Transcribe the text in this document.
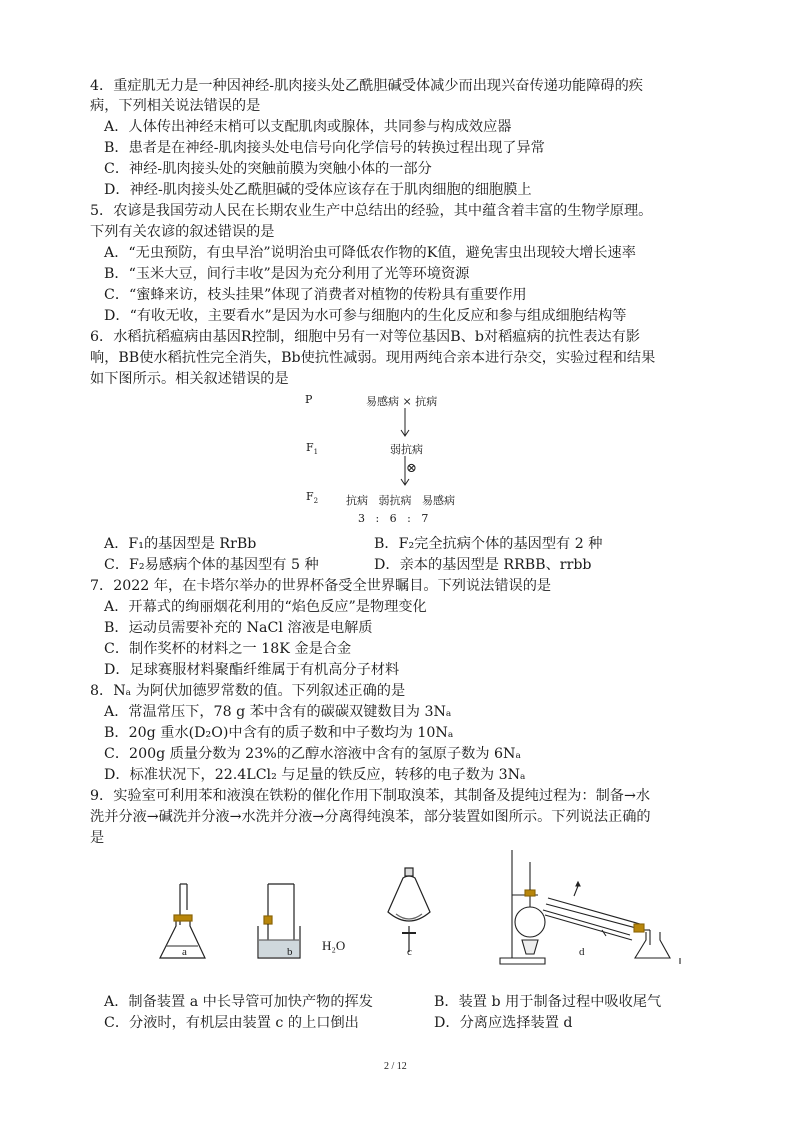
4．重症肌无力是一种因神经-肌肉接头处乙酰胆碱受体减少而出现兴奋传递功能障碍的疾
病，下列相关说法错误的是
A．人体传出神经末梢可以支配肌肉或腺体，共同参与构成效应器
B．患者是在神经-肌肉接头处电信号向化学信号的转换过程出现了异常
C．神经-肌肉接头处的突触前膜为突触小体的一部分
D．神经-肌肉接头处乙酰胆碱的受体应该存在于肌肉细胞的细胞膜上
5．农谚是我国劳动人民在长期农业生产中总结出的经验，其中蕴含着丰富的生物学原理。
下列有关农谚的叙述错误的是
A．“无虫预防，有虫早治”说明治虫可降低农作物的K值，避免害虫出现较大增长速率
B．“玉米大豆，间行丰收”是因为充分利用了光等环境资源
C．“蜜蜂来访，枝头挂果”体现了消费者对植物的传粉具有重要作用
D．“有收无收，主要看水”是因为水可参与细胞内的生化反应和参与组成细胞结构等
6．水稻抗稻瘟病由基因R控制，细胞中另有一对等位基因B、b对稻瘟病的抗性表达有影
响，BB使水稻抗性完全消失，Bb使抗性减弱。现用两纯合亲本进行杂交，实验过程和结果
如下图所示。相关叙述错误的是
P	易感病 × 抗病
$F_1$	弱抗病
⊗
$F_2$	抗病   弱抗病   易感病
3   :   6   :   7
A．F₁的基因型是 RrBb	B．F₂完全抗病个体的基因型有 2 种
C．F₂易感病个体的基因型有 5 种	D．亲本的基因型是 RRBB、rrbb
7．2022 年，在卡塔尔举办的世界杯备受全世界瞩目。下列说法错误的是
A．开幕式的绚丽烟花利用的“焰色反应”是物理变化
B．运动员需要补充的 NaCl 溶液是电解质
C．制作奖杯的材料之一 18K 金是合金
D．足球赛服材料聚酯纤维属于有机高分子材料
8．Nₐ 为阿伏加德罗常数的值。下列叙述正确的是
A．常温常压下，78 g 苯中含有的碳碳双键数目为 3Nₐ
B．20g 重水(D₂O)中含有的质子数和中子数均为 10Nₐ
C．200g 质量分数为 23%的乙醇水溶液中含有的氢原子数为 6Nₐ
D．标准状况下，22.4LCl₂ 与足量的铁反应，转移的电子数为 3Nₐ
9．实验室可利用苯和液溴在铁粉的催化作用下制取溴苯，其制备及提纯过程为：制备→水
洗并分液→碱洗并分液→水洗并分液→分离得纯溴苯，部分装置如图所示。下列说法正确的
是
a	b H₂O	c	d
A．制备装置 a 中长导管可加快产物的挥发	B．装置 b 用于制备过程中吸收尾气
C．分液时，有机层由装置 c 的上口倒出	D．分离应选择装置 d
2 / 12
